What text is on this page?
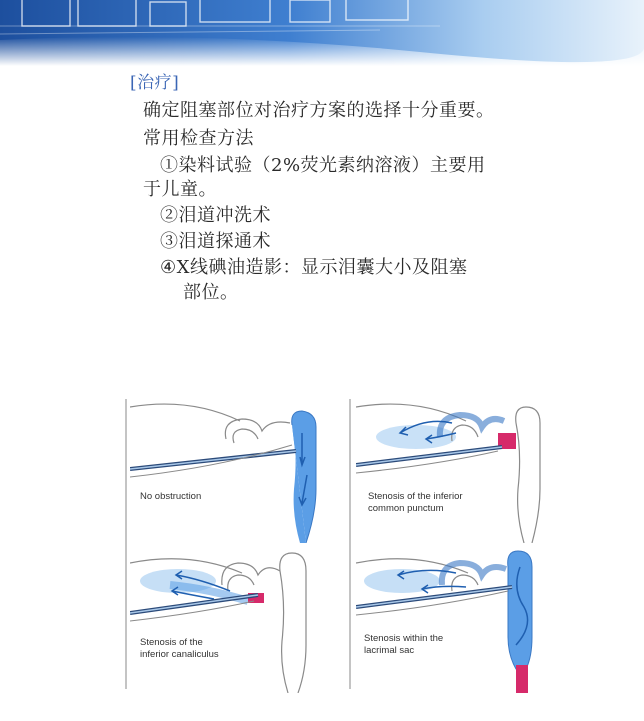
[治疗]
确定阻塞部位对治疗方案的选择十分重要。
常用检查方法
①染料试验（2%荧光素纳溶液）主要用
于儿童。
②泪道冲洗术
③泪道探通术
④X线碘油造影：显示泪囊大小及阻塞
部位。
No obstruction	Stenosis of the inferior
common punctum
Stenosis of the
inferior canaliculus
Stenosis within the
lacrimal sac
